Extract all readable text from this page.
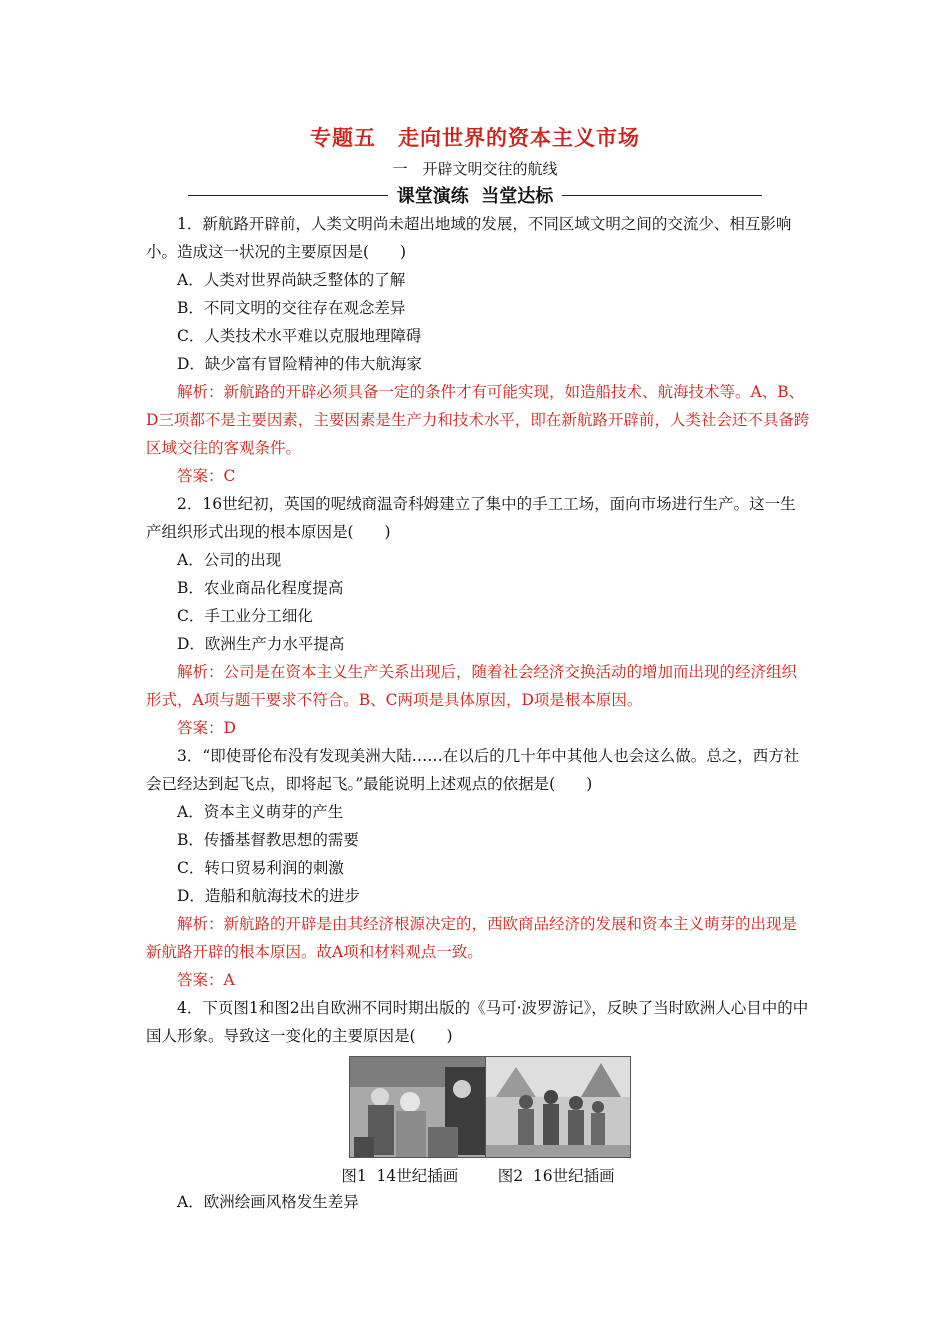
专题五　走向世界的资本主义市场
一　开辟文明交往的航线
课堂演练  当堂达标

1．新航路开辟前，人类文明尚未超出地域的发展，不同区域文明之间的交流少、相互影响小。造成这一状况的主要原因是(　　)

A．人类对世界尚缺乏整体的了解

B．不同文明的交往存在观念差异

C．人类技术水平难以克服地理障碍

D．缺少富有冒险精神的伟大航海家

解析：新航路的开辟必须具备一定的条件才有可能实现，如造船技术、航海技术等。A、B、D三项都不是主要因素，主要因素是生产力和技术水平，即在新航路开辟前，人类社会还不具备跨区域交往的客观条件。

答案：C

2．16世纪初，英国的呢绒商温奇科姆建立了集中的手工工场，面向市场进行生产。这一生产组织形式出现的根本原因是(　　)

A．公司的出现

B．农业商品化程度提高

C．手工业分工细化

D．欧洲生产力水平提高

解析：公司是在资本主义生产关系出现后，随着社会经济交换活动的增加而出现的经济组织形式，A项与题干要求不符合。B、C两项是具体原因，D项是根本原因。

答案：D

3．“即使哥伦布没有发现美洲大陆……在以后的几十年中其他人也会这么做。总之，西方社会已经达到起飞点，即将起飞。”最能说明上述观点的依据是(　　)

A．资本主义萌芽的产生

B．传播基督教思想的需要

C．转口贸易利润的刺激

D．造船和航海技术的进步

解析：新航路的开辟是由其经济根源决定的，西欧商品经济的发展和资本主义萌芽的出现是新航路开辟的根本原因。故A项和材料观点一致。

答案：A

4．下页图1和图2出自欧洲不同时期出版的《马可·波罗游记》，反映了当时欧洲人心目中的中国人形象。导致这一变化的主要原因是(　　)

图1  14世纪插画	图2  16世纪插画

A．欧洲绘画风格发生差异
